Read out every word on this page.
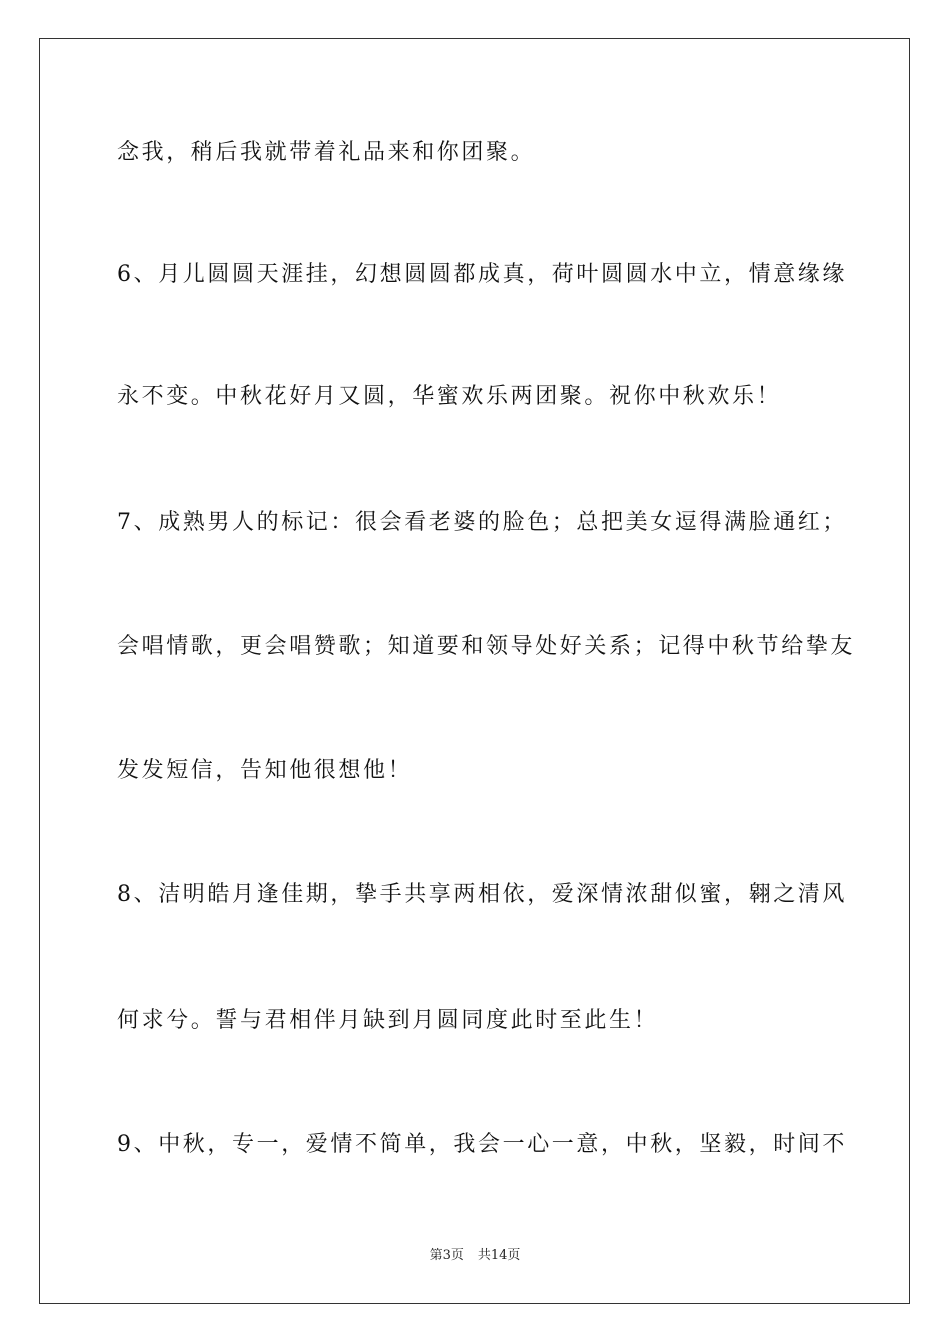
念我，稍后我就带着礼品来和你团聚。
6、月儿圆圆天涯挂，幻想圆圆都成真，荷叶圆圆水中立，情意缘缘
永不变。中秋花好月又圆，华蜜欢乐两团聚。祝你中秋欢乐！
7、成熟男人的标记：很会看老婆的脸色；总把美女逗得满脸通红；
会唱情歌，更会唱赞歌；知道要和领导处好关系；记得中秋节给挚友
发发短信，告知他很想他！
8、洁明皓月逢佳期，挚手共享两相依，爱深情浓甜似蜜，翱之清风
何求兮。誓与君相伴月缺到月圆同度此时至此生！
9、中秋，专一，爱情不简单，我会一心一意，中秋，坚毅，时间不
第3页 共14页
